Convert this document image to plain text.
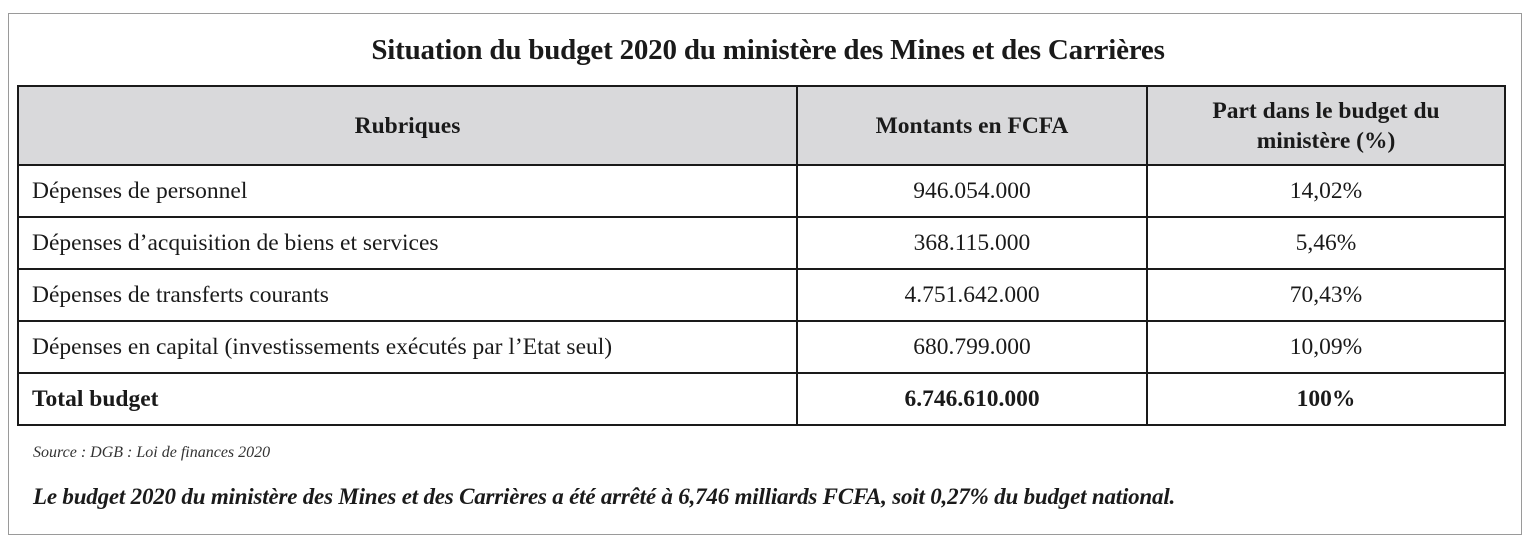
Situation du budget 2020 du ministère des Mines et des Carrières
Rubriques	Montants en FCFA	Part dans le budget du ministère (%)
Dépenses de personnel	946.054.000	14,02%
Dépenses d’acquisition de biens et services	368.115.000	5,46%
Dépenses de transferts courants	4.751.642.000	70,43%
Dépenses en capital (investissements exécutés par l’Etat seul)	680.799.000	10,09%
Total budget	6.746.610.000	100%
Source : DGB : Loi de finances 2020
Le budget 2020 du ministère des Mines et des Carrières a été arrêté à 6,746 milliards FCFA, soit 0,27% du budget national.
